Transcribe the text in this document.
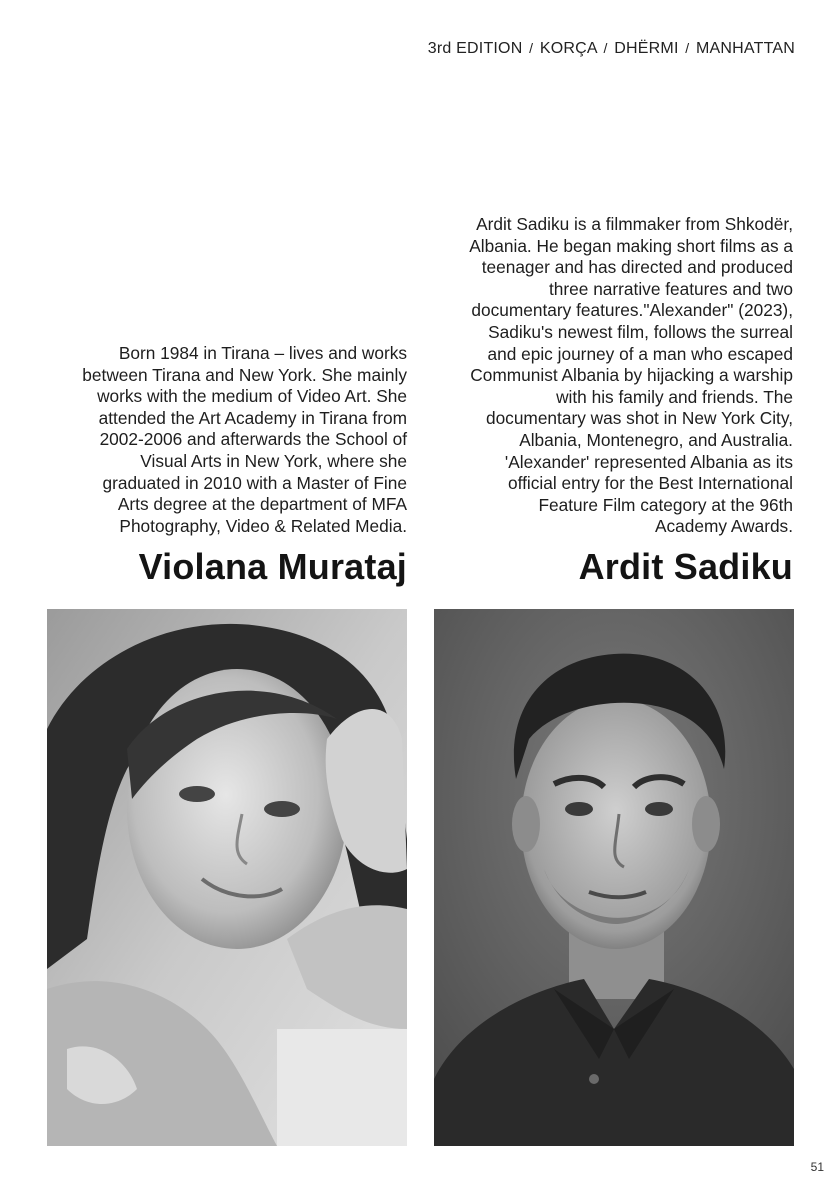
3rd EDITION / KORÇA / DHËRMI / MANHATTAN
Born 1984 in Tirana – lives and works
between Tirana and New York. She mainly
works with the medium of Video Art. She
attended the Art Academy in Tirana from
2002-2006 and afterwards the School of
Visual Arts in New York, where she
graduated in 2010 with a Master of Fine
Arts degree at the department of MFA
Photography, Video & Related Media.
Violana Murataj
Ardit Sadiku is a filmmaker from Shkodër,
Albania. He began making short films as a
teenager and has directed and produced
three narrative features and two
documentary features."Alexander" (2023),
Sadiku's newest film, follows the surreal
and epic journey of a man who escaped
Communist Albania by hijacking a warship
with his family and friends. The
documentary was shot in New York City,
Albania, Montenegro, and Australia.
'Alexander' represented Albania as its
official entry for the Best International
Feature Film category at the 96th
Academy Awards.
Ardit Sadiku
51
